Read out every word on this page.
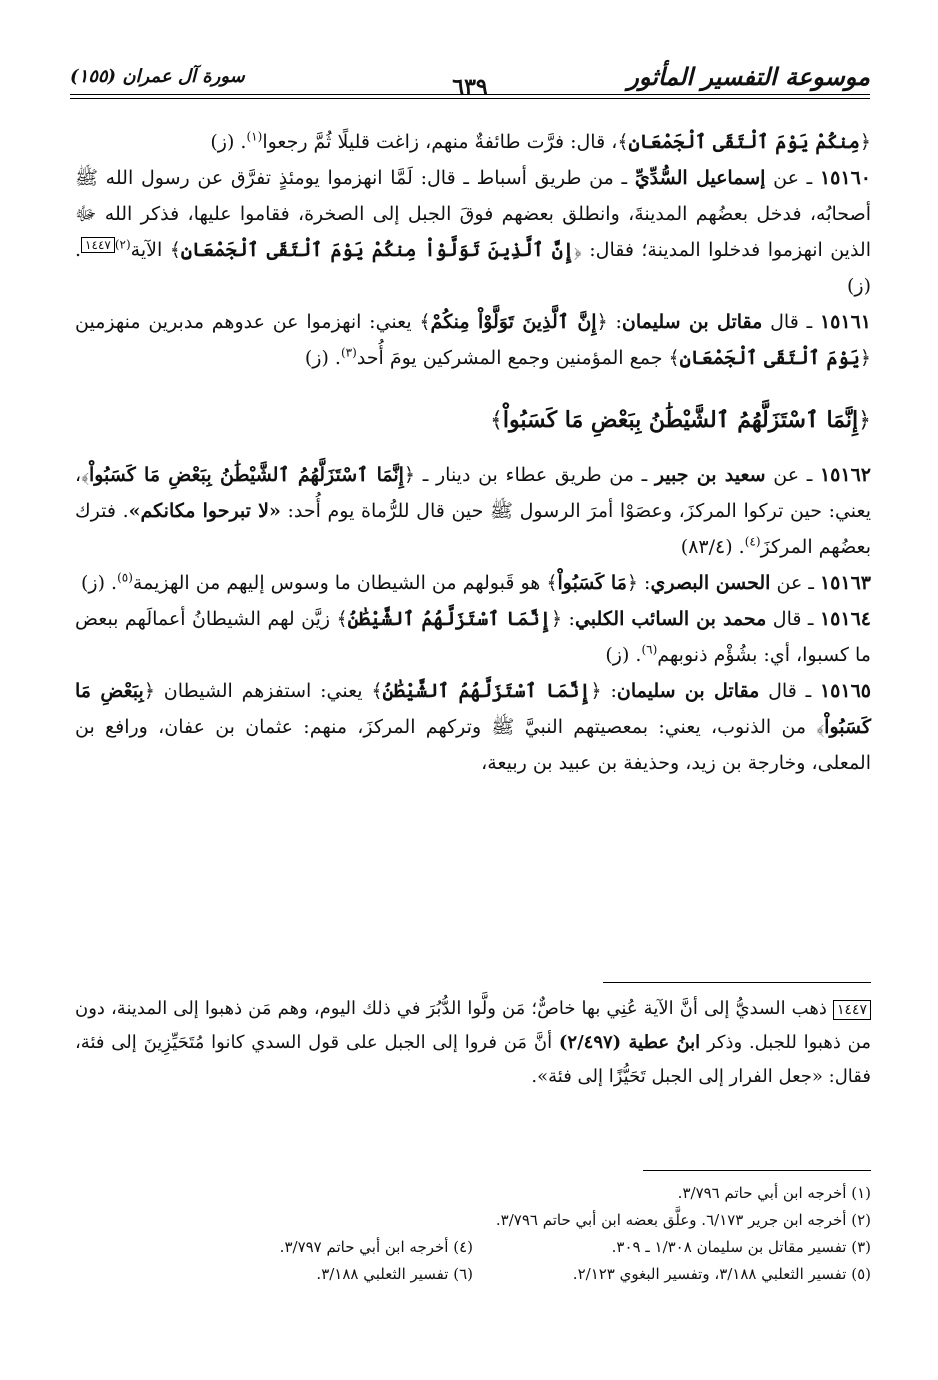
موسوعة التفسير المأثور
٦٣٩
سورة آل عمران (١٥٥)

﴿مِنكُمْ يَوْمَ ٱلْتَقَى ٱلْجَمْعَانِ﴾، قال: فرَّت طائفةٌ منهم، زاغت قليلًا ثُمَّ رجعوا$^{(١)}$. (ز)

١٥١٦٠ ـ عن إسماعيل السُّدِّيِّ ـ من طريق أسباط ـ قال: لَمَّا انهزموا يومئذٍ تفرَّق عن رسول الله ﷺ أصحابُه، فدخل بعضُهم المدينةَ، وانطلق بعضهم فوقَ الجبل إلى الصخرة، فقاموا عليها، فذكر الله ﷻ الذين انهزموا فدخلوا المدينة؛ فقال: ﴿إِنَّ ٱلَّذِينَ تَوَلَّوْاْ مِنكُمْ يَوْمَ ٱلْتَقَى ٱلْجَمْعَانِ﴾ الآية$^{(٢)}$١٤٤٧. (ز)

١٥١٦١ ـ قال مقاتل بن سليمان: ﴿إِنَّ ٱلَّذِينَ تَوَلَّوْاْ مِنكُمْ﴾ يعني: انهزموا عن عدوهم مدبرين منهزمين ﴿يَوْمَ ٱلْتَقَى ٱلْجَمْعَانِ﴾ جمع المؤمنين وجمع المشركين يومَ أُحد$^{(٣)}$. (ز)

﴿إِنَّمَا ٱسْتَزَلَّهُمُ ٱلشَّيْطَٰنُ بِبَعْضِ مَا كَسَبُواْ﴾

١٥١٦٢ ـ عن سعيد بن جبير ـ من طريق عطاء بن دينار ـ ﴿إِنَّمَا ٱسْتَزَلَّهُمُ ٱلشَّيْطَٰنُ بِبَعْضِ مَا كَسَبُواْ﴾، يعني: حين تركوا المركزَ، وعصَوْا أمرَ الرسول ﷺ حين قال للرُّماة يوم أُحد: «لا تبرحوا مكانكم». فترك بعضُهم المركزَ$^{(٤)}$. (٨٣/٤)

١٥١٦٣ ـ عن الحسن البصري: ﴿مَا كَسَبُواْ﴾ هو قَبولهم من الشيطان ما وسوس إليهم من الهزيمة$^{(٥)}$. (ز)

١٥١٦٤ ـ قال محمد بن السائب الكلبي: ﴿إِنَّمَا ٱسْتَزَلَّهُمُ ٱلشَّيْطَٰنُ﴾ زيَّن لهم الشيطانُ أعمالَهم ببعض ما كسبوا، أي: بشُؤْم ذنوبهم$^{(٦)}$. (ز)

١٥١٦٥ ـ قال مقاتل بن سليمان: ﴿إِنَّمَا ٱسْتَزَلَّهُمُ ٱلشَّيْطَٰنُ﴾ يعني: استفزهم الشيطان ﴿بِبَعْضِ مَا كَسَبُواْ﴾ من الذنوب، يعني: بمعصيتهم النبيَّ ﷺ وتركهم المركزَ، منهم: عثمان بن عفان، ورافع بن المعلى، وخارجة بن زيد، وحذيفة بن عبيد بن ربيعة،

١٤٤٧ ذهب السديُّ إلى أنَّ الآية عُنِي بها خاصٌّ؛ مَن ولَّوا الدُّبُرَ في ذلك اليوم، وهم مَن ذهبوا إلى المدينة، دون من ذهبوا للجبل. وذكر ابنُ عطية (٢/٤٩٧) أنَّ مَن فروا إلى الجبل على قول السدي كانوا مُتَحَيِّزِينَ إلى فئة، فقال: «جعل الفرار إلى الجبل تَحَيُّزًا إلى فئة».
(١) أخرجه ابن أبي حاتم ٣/٧٩٦.
(٢) أخرجه ابن جرير ٦/١٧٣. وعلَّق بعضه ابن أبي حاتم ٣/٧٩٦.
(٣) تفسير مقاتل بن سليمان ١/٣٠٨ ـ ٣٠٩.
(٤) أخرجه ابن أبي حاتم ٣/٧٩٧.
(٥) تفسير الثعلبي ٣/١٨٨، وتفسير البغوي ٢/١٢٣.
(٦) تفسير الثعلبي ٣/١٨٨.
